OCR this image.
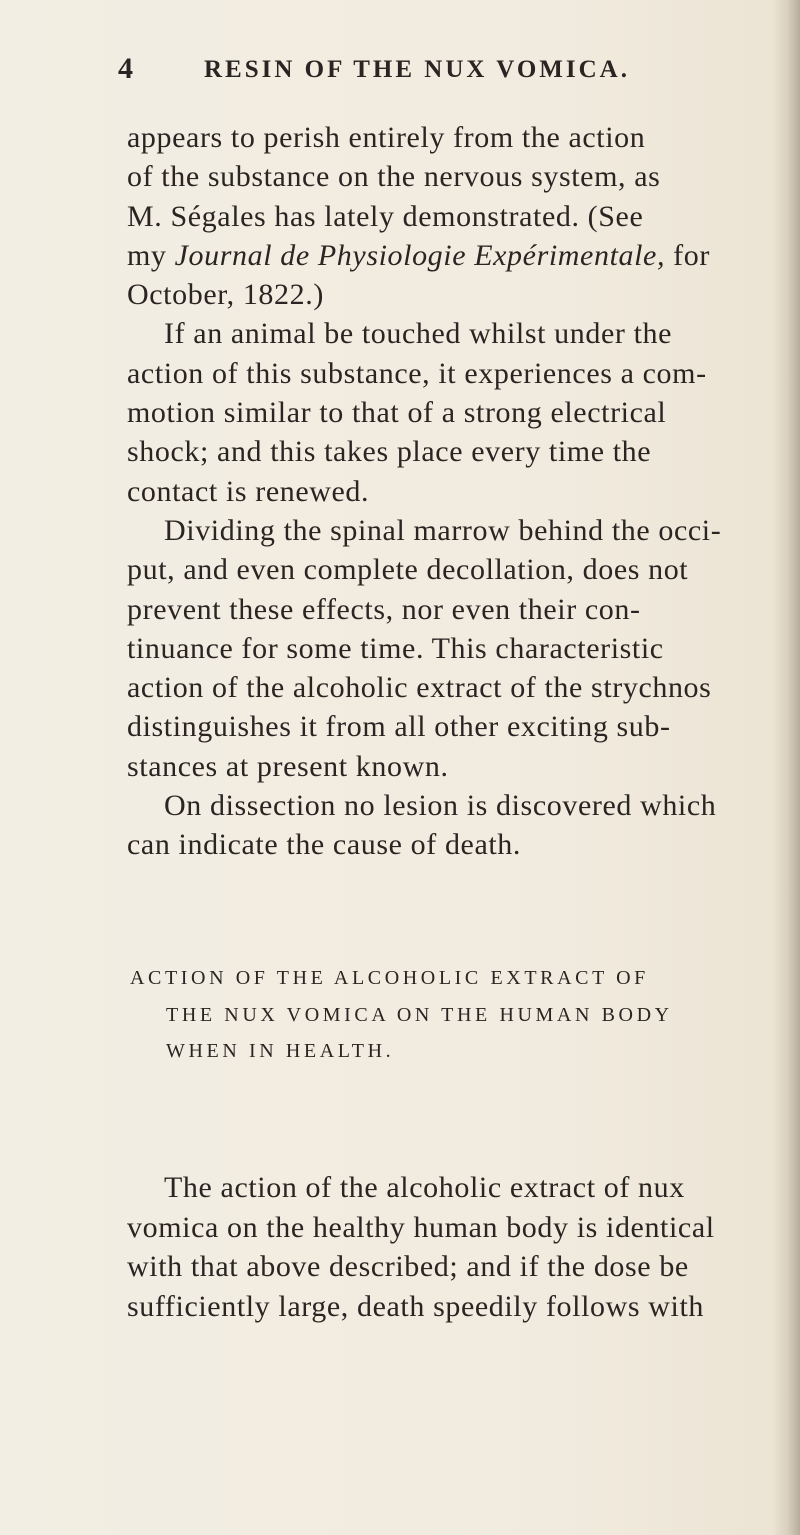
4	RESIN OF THE NUX VOMICA.
appears to perish entirely from the action
of the substance on the nervous system, as
M. Ségales has lately demonstrated. (See
my Journal de Physiologie Expérimentale, for
October, 1822.)
If an animal be touched whilst under the
action of this substance, it experiences a com-
motion similar to that of a strong electrical
shock; and this takes place every time the
contact is renewed.
Dividing the spinal marrow behind the occi-
put, and even complete decollation, does not
prevent these effects, nor even their con-
tinuance for some time. This characteristic
action of the alcoholic extract of the strychnos
distinguishes it from all other exciting sub-
stances at present known.
On dissection no lesion is discovered which
can indicate the cause of death.
ACTION OF THE ALCOHOLIC EXTRACT OF
THE NUX VOMICA ON THE HUMAN BODY
WHEN IN HEALTH.
The action of the alcoholic extract of nux
vomica on the healthy human body is identical
with that above described; and if the dose be
sufficiently large, death speedily follows with
